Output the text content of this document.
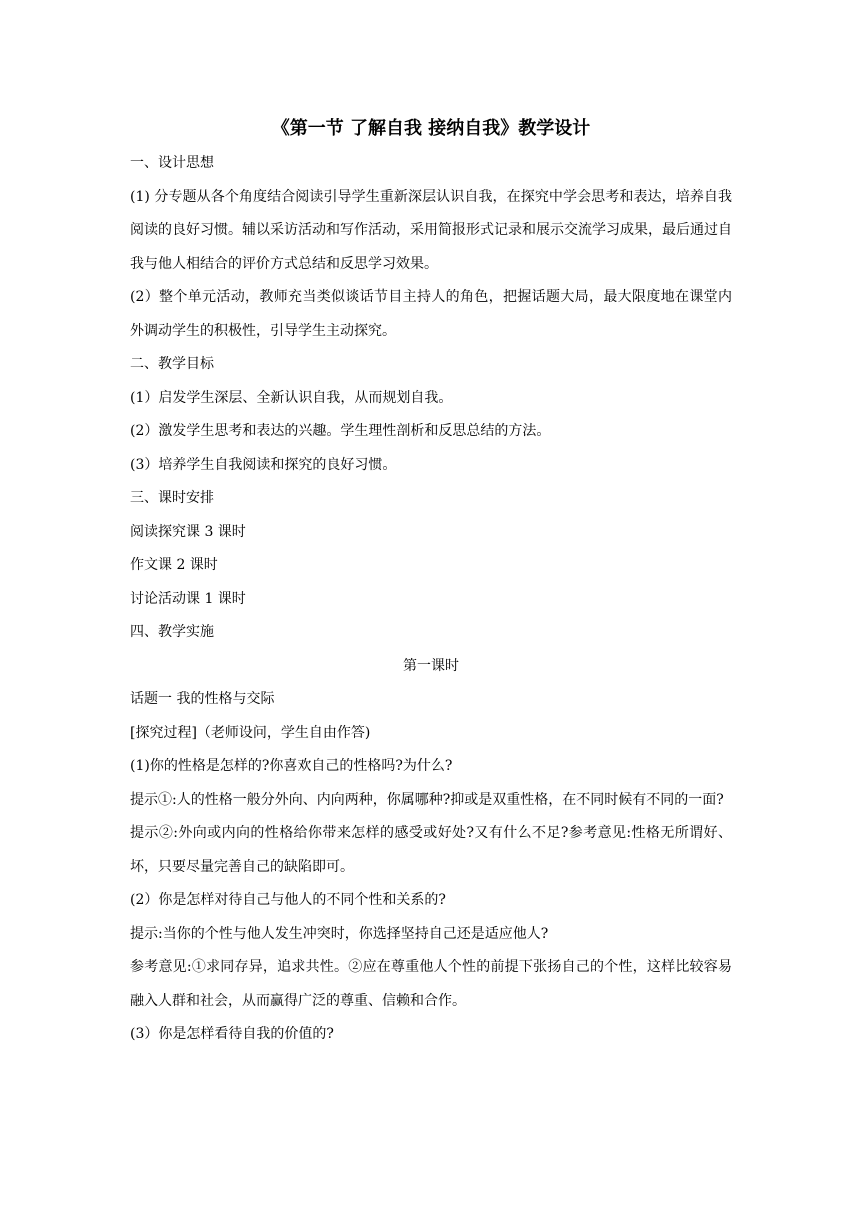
《第一节 了解自我 接纳自我》教学设计

一、设计思想

(1) 分专题从各个角度结合阅读引导学生重新深层认识自我，在探究中学会思考和表达，培养自我阅读的良好习惯。辅以采访活动和写作活动，采用简报形式记录和展示交流学习成果，最后通过自我与他人相结合的评价方式总结和反思学习效果。

(2）整个单元活动，教师充当类似谈话节目主持人的角色，把握话题大局，最大限度地在课堂内外调动学生的积极性，引导学生主动探究。

二、教学目标

(1）启发学生深层、全新认识自我，从而规划自我。

(2）激发学生思考和表达的兴趣。学生理性剖析和反思总结的方法。

(3）培养学生自我阅读和探究的良好习惯。

三、课时安排

阅读探究课 3 课时

作文课 2 课时

讨论活动课 1 课时

四、教学实施

第一课时

话题一 我的性格与交际

[探究过程]（老师设问，学生自由作答)

(1)你的性格是怎样的?你喜欢自己的性格吗?为什么?

提示①:人的性格一般分外向、内向两种，你属哪种?抑或是双重性格，在不同时候有不同的一面?

提示②:外向或内向的性格给你带来怎样的感受或好处?又有什么不足?参考意见:性格无所谓好、坏，只要尽量完善自己的缺陷即可。

(2）你是怎样对待自己与他人的不同个性和关系的?

提示:当你的个性与他人发生冲突时，你选择坚持自己还是适应他人?

参考意见:①求同存异，追求共性。②应在尊重他人个性的前提下张扬自己的个性，这样比较容易融入人群和社会，从而赢得广泛的尊重、信赖和合作。

(3）你是怎样看待自我的价值的?
